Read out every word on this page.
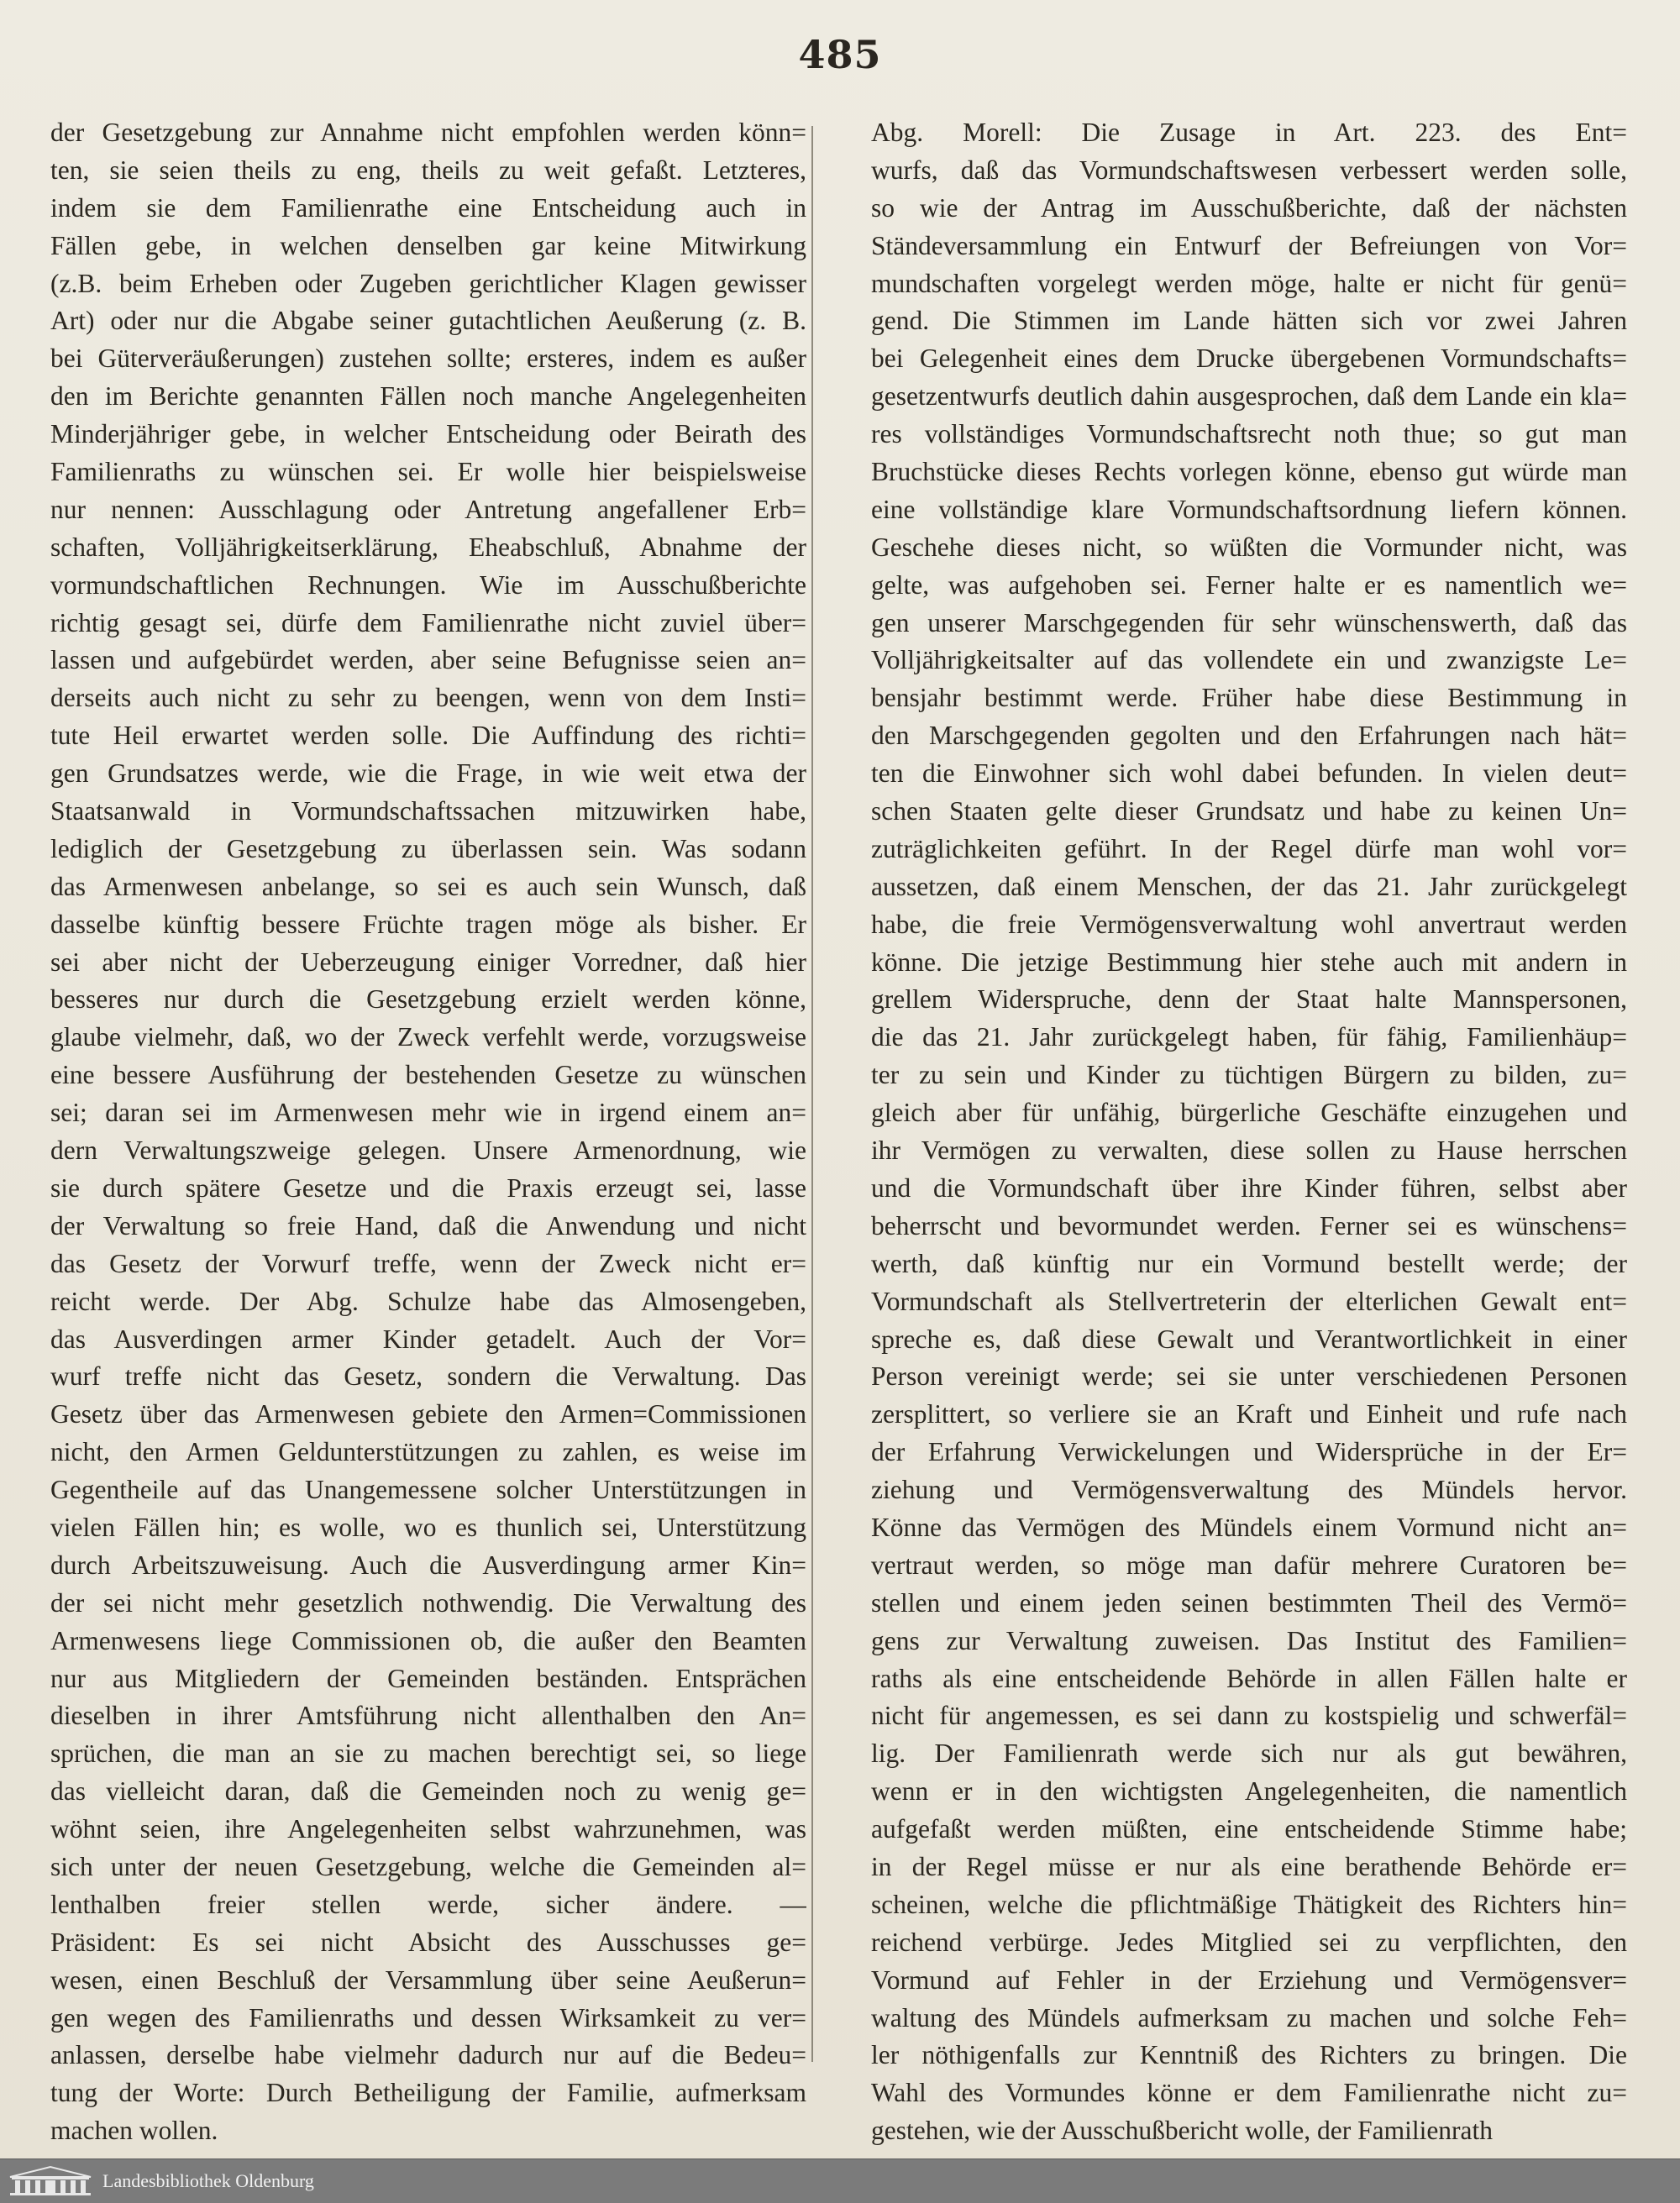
485
der Gesetzgebung zur Annahme nicht empfohlen werden könn=
ten, sie seien theils zu eng, theils zu weit gefaßt. Letzteres,
indem sie dem Familienrathe eine Entscheidung auch in
Fällen gebe, in welchen denselben gar keine Mitwirkung
(z.B. beim Erheben oder Zugeben gerichtlicher Klagen gewisser
Art) oder nur die Abgabe seiner gutachtlichen Aeußerung (z. B.
bei Güterveräußerungen) zustehen sollte; ersteres, indem es außer
den im Berichte genannten Fällen noch manche Angelegenheiten
Minderjähriger gebe, in welcher Entscheidung oder Beirath des
Familienraths zu wünschen sei. Er wolle hier beispielsweise
nur nennen: Ausschlagung oder Antretung angefallener Erb=
schaften, Volljährigkeitserklärung, Eheabschluß, Abnahme der
vormundschaftlichen Rechnungen. Wie im Ausschußberichte
richtig gesagt sei, dürfe dem Familienrathe nicht zuviel über=
lassen und aufgebürdet werden, aber seine Befugnisse seien an=
derseits auch nicht zu sehr zu beengen, wenn von dem Insti=
tute Heil erwartet werden solle. Die Auffindung des richti=
gen Grundsatzes werde, wie die Frage, in wie weit etwa der
Staatsanwald in Vormundschaftssachen mitzuwirken habe,
lediglich der Gesetzgebung zu überlassen sein. Was sodann
das Armenwesen anbelange, so sei es auch sein Wunsch, daß
dasselbe künftig bessere Früchte tragen möge als bisher. Er
sei aber nicht der Ueberzeugung einiger Vorredner, daß hier
besseres nur durch die Gesetzgebung erzielt werden könne,
glaube vielmehr, daß, wo der Zweck verfehlt werde, vorzugsweise
eine bessere Ausführung der bestehenden Gesetze zu wünschen
sei; daran sei im Armenwesen mehr wie in irgend einem an=
dern Verwaltungszweige gelegen. Unsere Armenordnung, wie
sie durch spätere Gesetze und die Praxis erzeugt sei, lasse
der Verwaltung so freie Hand, daß die Anwendung und nicht
das Gesetz der Vorwurf treffe, wenn der Zweck nicht er=
reicht werde. Der Abg. Schulze habe das Almosengeben,
das Ausverdingen armer Kinder getadelt. Auch der Vor=
wurf treffe nicht das Gesetz, sondern die Verwaltung. Das
Gesetz über das Armenwesen gebiete den Armen=Commissionen
nicht, den Armen Geldunterstützungen zu zahlen, es weise im
Gegentheile auf das Unangemessene solcher Unterstützungen in
vielen Fällen hin; es wolle, wo es thunlich sei, Unterstützung
durch Arbeitszuweisung. Auch die Ausverdingung armer Kin=
der sei nicht mehr gesetzlich nothwendig. Die Verwaltung des
Armenwesens liege Commissionen ob, die außer den Beamten
nur aus Mitgliedern der Gemeinden beständen. Entsprächen
dieselben in ihrer Amtsführung nicht allenthalben den An=
sprüchen, die man an sie zu machen berechtigt sei, so liege
das vielleicht daran, daß die Gemeinden noch zu wenig ge=
wöhnt seien, ihre Angelegenheiten selbst wahrzunehmen, was
sich unter der neuen Gesetzgebung, welche die Gemeinden al=
lenthalben freier stellen werde, sicher ändere. —
Präsident: Es sei nicht Absicht des Ausschusses ge=
wesen, einen Beschluß der Versammlung über seine Aeußerun=
gen wegen des Familienraths und dessen Wirksamkeit zu ver=
anlassen, derselbe habe vielmehr dadurch nur auf die Bedeu=
tung der Worte: Durch Betheiligung der Familie, aufmerksam
machen wollen.
Abg. Morell: Die Zusage in Art. 223. des Ent=
wurfs, daß das Vormundschaftswesen verbessert werden solle,
so wie der Antrag im Ausschußberichte, daß der nächsten
Ständeversammlung ein Entwurf der Befreiungen von Vor=
mundschaften vorgelegt werden möge, halte er nicht für genü=
gend. Die Stimmen im Lande hätten sich vor zwei Jahren
bei Gelegenheit eines dem Drucke übergebenen Vormundschafts=
gesetzentwurfs deutlich dahin ausgesprochen, daß dem Lande ein kla=
res vollständiges Vormundschaftsrecht noth thue; so gut man
Bruchstücke dieses Rechts vorlegen könne, ebenso gut würde man
eine vollständige klare Vormundschaftsordnung liefern können.
Geschehe dieses nicht, so wüßten die Vormunder nicht, was
gelte, was aufgehoben sei. Ferner halte er es namentlich we=
gen unserer Marschgegenden für sehr wünschenswerth, daß das
Volljährigkeitsalter auf das vollendete ein und zwanzigste Le=
bensjahr bestimmt werde. Früher habe diese Bestimmung in
den Marschgegenden gegolten und den Erfahrungen nach hät=
ten die Einwohner sich wohl dabei befunden. In vielen deut=
schen Staaten gelte dieser Grundsatz und habe zu keinen Un=
zuträglichkeiten geführt. In der Regel dürfe man wohl vor=
aussetzen, daß einem Menschen, der das 21. Jahr zurückgelegt
habe, die freie Vermögensverwaltung wohl anvertraut werden
könne. Die jetzige Bestimmung hier stehe auch mit andern in
grellem Widerspruche, denn der Staat halte Mannspersonen,
die das 21. Jahr zurückgelegt haben, für fähig, Familienhäup=
ter zu sein und Kinder zu tüchtigen Bürgern zu bilden, zu=
gleich aber für unfähig, bürgerliche Geschäfte einzugehen und
ihr Vermögen zu verwalten, diese sollen zu Hause herrschen
und die Vormundschaft über ihre Kinder führen, selbst aber
beherrscht und bevormundet werden. Ferner sei es wünschens=
werth, daß künftig nur ein Vormund bestellt werde; der
Vormundschaft als Stellvertreterin der elterlichen Gewalt ent=
spreche es, daß diese Gewalt und Verantwortlichkeit in einer
Person vereinigt werde; sei sie unter verschiedenen Personen
zersplittert, so verliere sie an Kraft und Einheit und rufe nach
der Erfahrung Verwickelungen und Widersprüche in der Er=
ziehung und Vermögensverwaltung des Mündels hervor.
Könne das Vermögen des Mündels einem Vormund nicht an=
vertraut werden, so möge man dafür mehrere Curatoren be=
stellen und einem jeden seinen bestimmten Theil des Vermö=
gens zur Verwaltung zuweisen. Das Institut des Familien=
raths als eine entscheidende Behörde in allen Fällen halte er
nicht für angemessen, es sei dann zu kostspielig und schwerfäl=
lig. Der Familienrath werde sich nur als gut bewähren,
wenn er in den wichtigsten Angelegenheiten, die namentlich
aufgefaßt werden müßten, eine entscheidende Stimme habe;
in der Regel müsse er nur als eine berathende Behörde er=
scheinen, welche die pflichtmäßige Thätigkeit des Richters hin=
reichend verbürge. Jedes Mitglied sei zu verpflichten, den
Vormund auf Fehler in der Erziehung und Vermögensver=
waltung des Mündels aufmerksam zu machen und solche Feh=
ler nöthigenfalls zur Kenntniß des Richters zu bringen. Die
Wahl des Vormundes könne er dem Familienrathe nicht zu=
gestehen, wie der Ausschußbericht wolle, der Familienrath
Landesbibliothek Oldenburg
